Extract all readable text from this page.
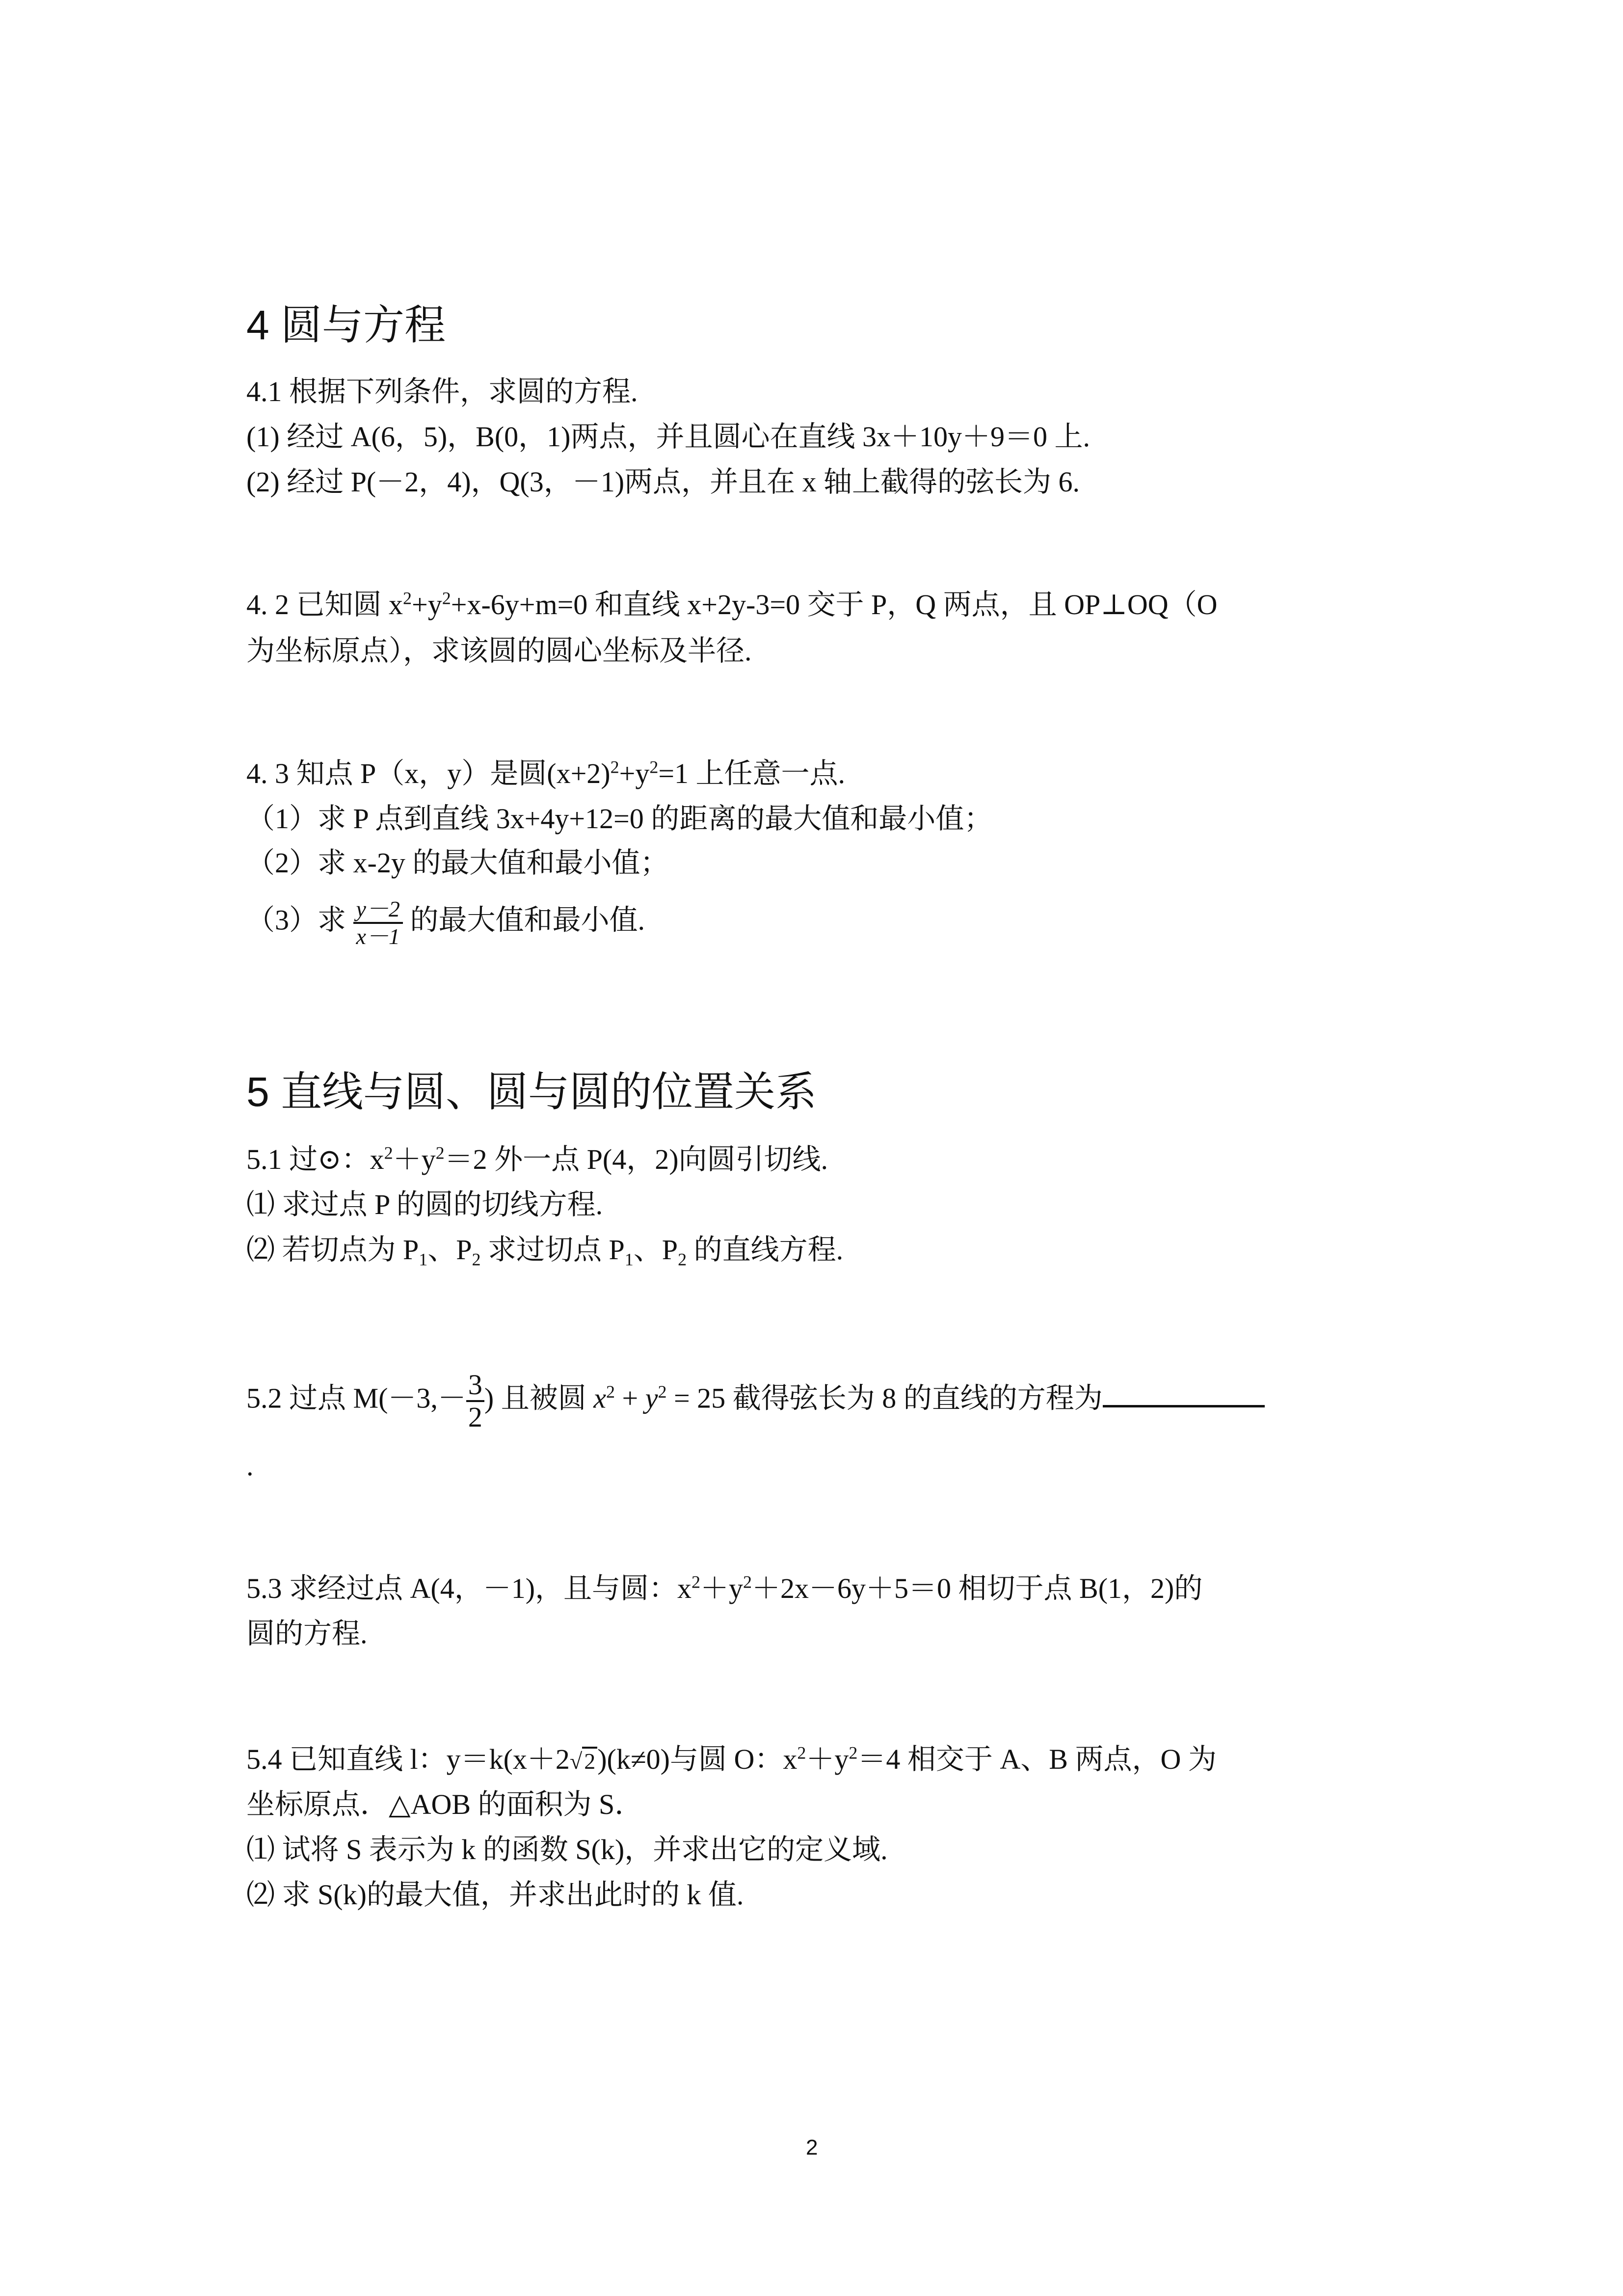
4 圆与方程
4.1 根据下列条件，求圆的方程.
(1) 经过 A(6，5)，B(0，1)两点，并且圆心在直线 3x＋10y＋9＝0 上.
(2) 经过 P(－2，4)，Q(3，－1)两点，并且在 x 轴上截得的弦长为 6.
4. 2 已知圆 $x^2+y^2+x-6y+m=0$ 和直线 x+2y-3=0 交于 P，Q 两点，且 OP⊥OQ（O
为坐标原点），求该圆的圆心坐标及半径.
4. 3 知点 P（x，y）是圆$(x+2)^2+y^2=1$ 上任意一点.
（1）求 P 点到直线 3x+4y+12=0 的距离的最大值和最小值；
（2）求 x-2y 的最大值和最小值；
（3）求 $\frac{y-2}{x-1}$ 的最大值和最小值.
5 直线与圆、圆与圆的位置关系
5.1 过⊙：$x^2+y^2=2$ 外一点 P(4，2)向圆引切线.
⑴ 求过点 P 的圆的切线方程.
⑵ 若切点为 $P_1$、$P_2$ 求过切点 $P_1$、$P_2$ 的直线方程.
5.2 过点 $M(-3,- \frac{3}{2}$ ) 且被圆 $x^2 + y^2 = 25$ 截得弦长为 8 的直线的方程为
.
5.3 求经过点 A(4，－1)，且与圆：$x^2+y^2+2x-6y+5=0$ 相切于点 B(1，2)的
圆的方程.
5.4 已知直线 l：y＝k(x＋2√2)(k≠0)与圆 O：$x^2+y^2=4$ 相交于 A、B 两点，O 为
坐标原点．△AOB 的面积为 S．
⑴ 试将 S 表示为 k 的函数 S(k)，并求出它的定义域.
⑵ 求 S(k)的最大值，并求出此时的 k 值.
2
